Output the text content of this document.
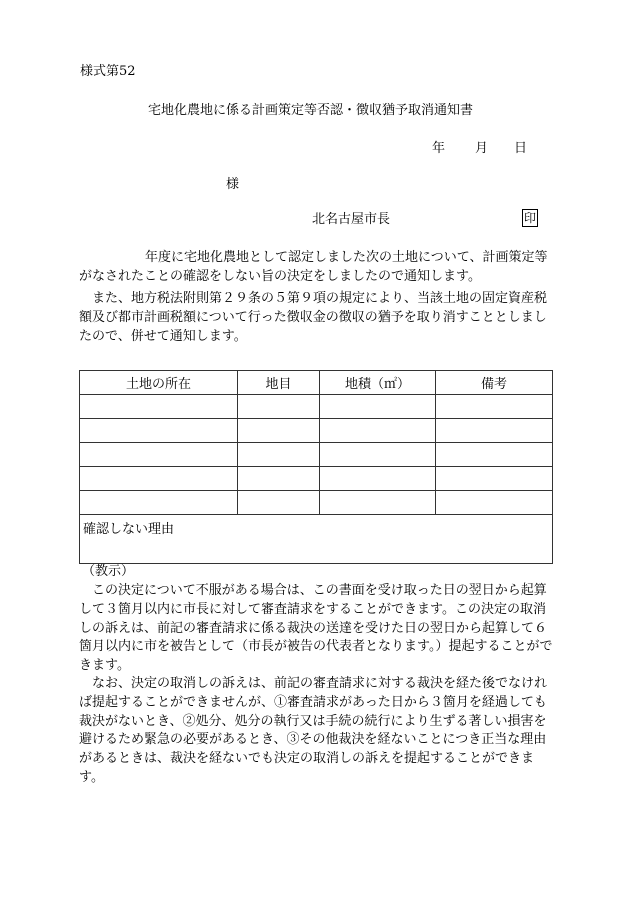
様式第52
宅地化農地に係る計画策定等否認・徴収猶予取消通知書
年 月 日
様
北名古屋市長	印
年度に宅地化農地として認定しました次の土地について、計画策定等がなされたことの確認をしない旨の決定をしましたので通知します。
また、地方税法附則第２９条の５第９項の規定により、当該土地の固定資産税額及び都市計画税額について行った徴収金の徴収の猶予を取り消すこととしましたので、併せて通知します。
土地の所在	地目	地積（㎡）	備考

確認しない理由			
（教示）
この決定について不服がある場合は、この書面を受け取った日の翌日から起算して３箇月以内に市長に対して審査請求をすることができます。この決定の取消しの訴えは、前記の審査請求に係る裁決の送達を受けた日の翌日から起算して６箇月以内に市を被告として（市長が被告の代表者となります。）提起することができます。
なお、決定の取消しの訴えは、前記の審査請求に対する裁決を経た後でなければ提起することができませんが、①審査請求があった日から３箇月を経過しても裁決がないとき、②処分、処分の執行又は手続の続行により生ずる著しい損害を避けるため緊急の必要があるとき、③その他裁決を経ないことにつき正当な理由があるときは、裁決を経ないでも決定の取消しの訴えを提起することができます。
